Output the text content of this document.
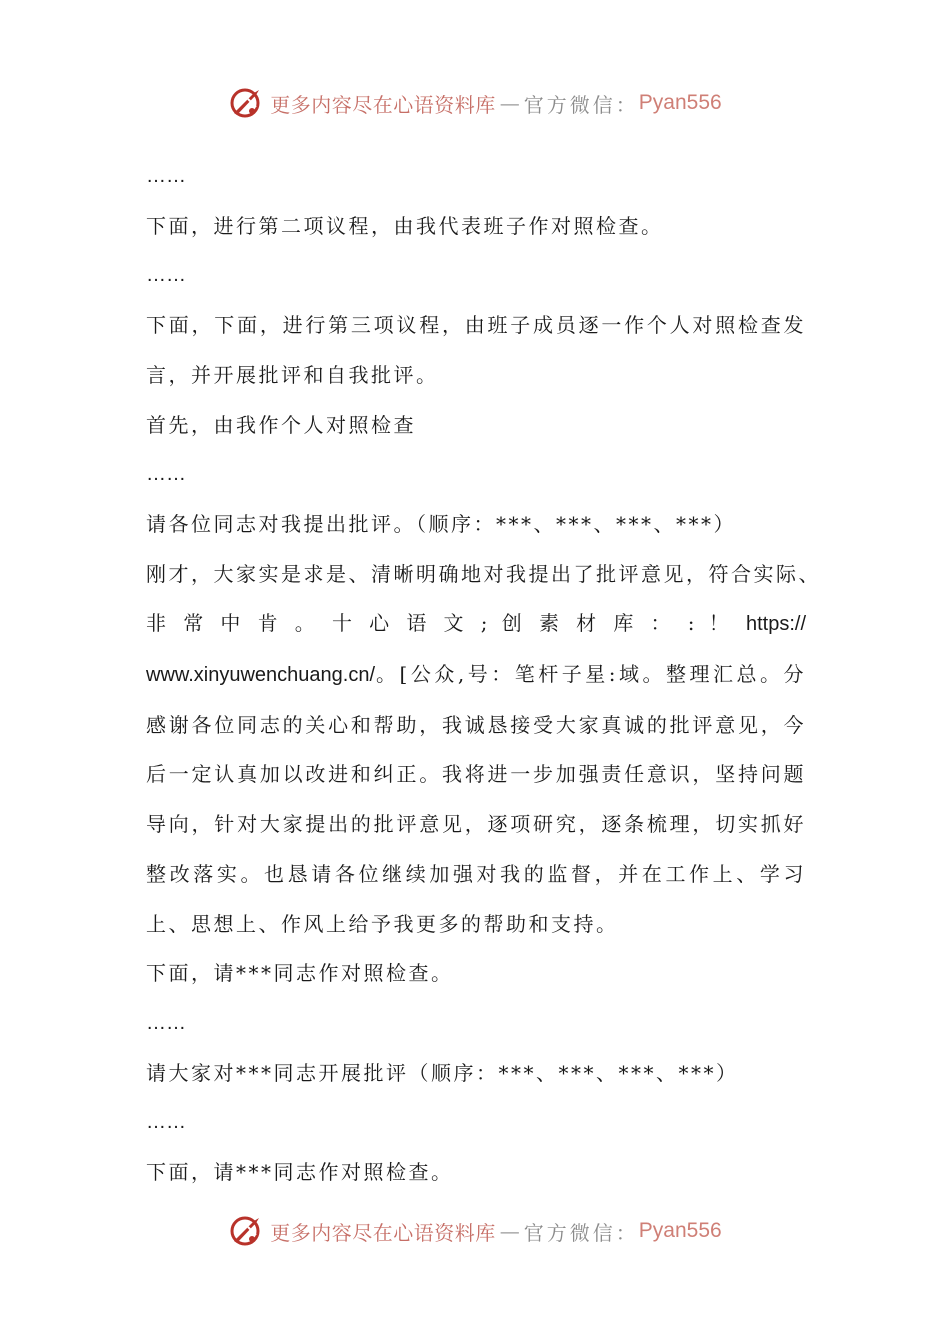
更多内容尽在心语资料库 — 官方微信： Pyan556

……

下面，进行第二项议程，由我代表班子作对照检查。

……

下面，下面，进行第三项议程，由班子成员逐一作个人对照检查发言，并开展批评和自我批评。

首先，由我作个人对照检查

……

请各位同志对我提出批评。（顺序：***、***、***、***）

刚才，大家实是求是、清晰明确地对我提出了批评意见，符合实际、

非 常 中 肯 。 十 心 语 文 ; 创 素 材 库 ： : ！ https://

www.xinyuwenchuang.cn/。[公众,号：笔杆子星:域。整理汇总。分感谢各位同志的关心和帮助，我诚恳接受大家真诚的批评意见，今后一定认真加以改进和纠正。我将进一步加强责任意识，坚持问题导向，针对大家提出的批评意见，逐项研究，逐条梳理，切实抓好整改落实。也恳请各位继续加强对我的监督，并在工作上、学习上、思想上、作风上给予我更多的帮助和支持。

下面，请***同志作对照检查。

……

请大家对***同志开展批评（顺序：***、***、***、***）

……

下面，请***同志作对照检查。

更多内容尽在心语资料库 — 官方微信： Pyan556
